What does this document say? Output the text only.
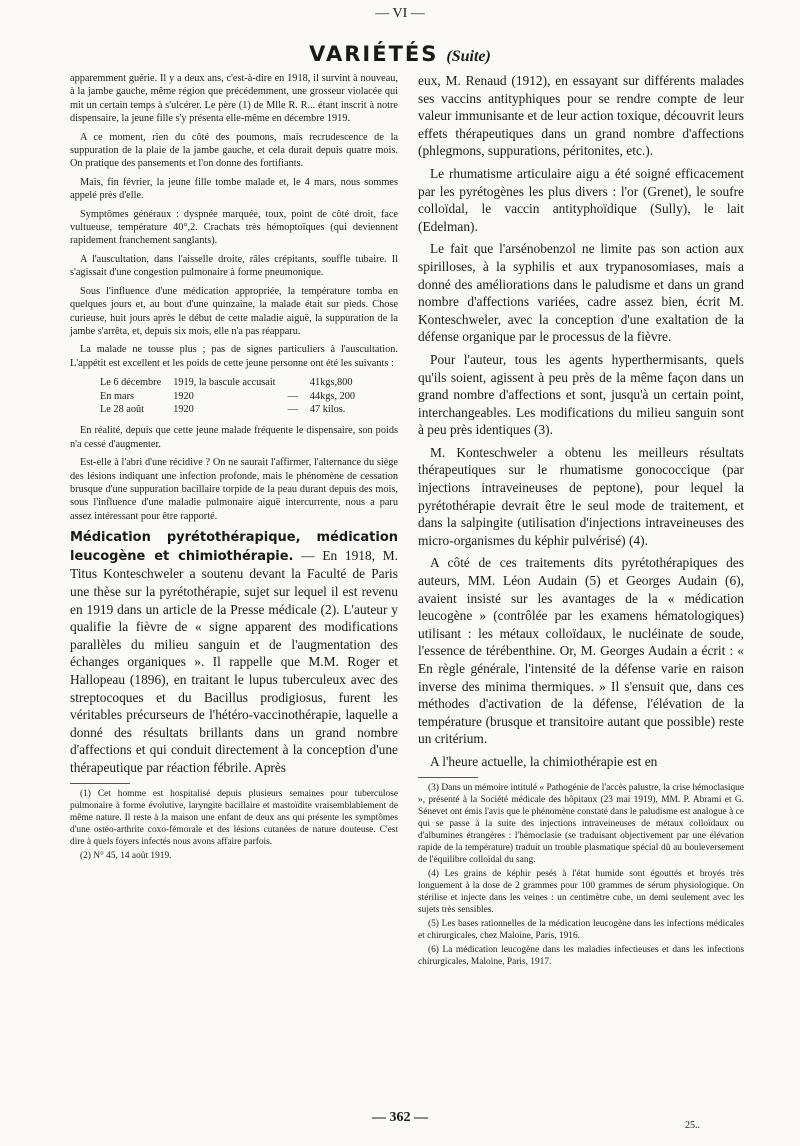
— VI —
VARIÉTÉS (Suite)

apparemment guérie. Il y a deux ans, c'est-à-dire en 1918, il survint à nouveau, à la jambe gauche, même région que précédemment, une grosseur violacée qui mit un certain temps à s'ulcérer. Le père (1) de Mlle R. R... étant inscrit à notre dispensaire, la jeune fille s'y présenta elle-même en décembre 1919.

A ce moment, rien du côté des poumons, mais recrudescence de la suppuration de la plaie de la jambe gauche, et cela durait depuis quatre mois. On pratique des pansements et l'on donne des fortifiants.

Mais, fin février, la jeune fille tombe malade et, le 4 mars, nous sommes appelé près d'elle.

Symptômes généraux : dyspnée marquée, toux, point de côté droit, face vultueuse, température 40°,2. Crachats très hémoptoïques (qui deviennent rapidement franchement sanglants).

A l'auscultation, dans l'aisselle droite, râles crépitants, souffle tubaire. Il s'agissait d'une congestion pulmonaire à forme pneumonique.

Sous l'influence d'une médication appropriée, la température tomba en quelques jours et, au bout d'une quinzaine, la malade était sur pieds. Chose curieuse, huit jours après le début de cette maladie aiguë, la suppuration de la jambe s'arrêta, et, depuis six mois, elle n'a pas réapparu.

La malade ne tousse plus ; pas de signes particuliers à l'auscultation. L'appétit est excellent et les poids de cette jeune personne ont été les suivants :

Le 6 décembre	1919, la bascule accusait		41kgs,800
En mars	1920	—	44kgs, 200
Le 28 août	1920	—	47 kilos.

En réalité, depuis que cette jeune malade fréquente le dispensaire, son poids n'a cessé d'augmenter.

Est-elle à l'abri d'une récidive ? On ne saurait l'affirmer, l'alternance du siège des lésions indiquant une infection profonde, mais le phénomène de cessation brusque d'une suppuration bacillaire torpide de la peau durant depuis des mois, sous l'influence d'une maladie pulmonaire aiguë intercurrente, nous a paru assez intéressant pour être rapporté.

Médication pyrétothérapique, médication leucogène et chimiothérapie. — En 1918, M. Titus Konteschweler a soutenu devant la Faculté de Paris une thèse sur la pyrétothérapie, sujet sur lequel il est revenu en 1919 dans un article de la Presse médicale (2). L'auteur y qualifie la fièvre de « signe apparent des modifications parallèles du milieu sanguin et de l'augmentation des échanges organiques ». Il rappelle que M.M. Roger et Hallopeau (1896), en traitant le lupus tuberculeux avec des streptocoques et du Bacillus prodigiosus, furent les véritables précurseurs de l'hétéro-vaccinothérapie, laquelle a donné des résultats brillants dans un grand nombre d'affections et qui conduit directement à la conception d'une thérapeutique par réaction fébrile. Après

(1) Cet homme est hospitalisé depuis plusieurs semaines pour tuberculose pulmonaire à forme évolutive, laryngite bacillaire et mastoïdite vraisemblablement de même nature. Il reste à la maison une enfant de deux ans qui présente les symptômes d'une ostéo-arthrite coxo-fémorale et des lésions cutanées de nature douteuse. C'est dire à quels foyers infectés nous avons affaire parfois.

(2) N° 45, 14 août 1919.

eux, M. Renaud (1912), en essayant sur différents malades ses vaccins antityphiques pour se rendre compte de leur valeur immunisante et de leur action toxique, découvrit leurs effets thérapeutiques dans un grand nombre d'affections (phlegmons, suppurations, péritonites, etc.).

Le rhumatisme articulaire aigu a été soigné efficacement par les pyrétogènes les plus divers : l'or (Grenet), le soufre colloïdal, le vaccin antityphoïdique (Sully), le lait (Edelman).

Le fait que l'arsénobenzol ne limite pas son action aux spirilloses, à la syphilis et aux trypanosomiases, mais a donné des améliorations dans le paludisme et dans un grand nombre d'affections variées, cadre assez bien, écrit M. Konteschweler, avec la conception d'une exaltation de la défense organique par le processus de la fièvre.

Pour l'auteur, tous les agents hyperthermisants, quels qu'ils soient, agissent à peu près de la même façon dans un grand nombre d'affections et sont, jusqu'à un certain point, interchangeables. Les modifications du milieu sanguin sont à peu près identiques (3).

M. Konteschweler a obtenu les meilleurs résultats thérapeutiques sur le rhumatisme gonococcique (par injections intraveineuses de peptone), pour lequel la pyrétothérapie devrait être le seul mode de traitement, et dans la salpingite (utilisation d'injections intraveineuses des micro-organismes du képhir pulvérisé) (4).

A côté de ces traitements dits pyrétothérapiques des auteurs, MM. Léon Audain (5) et Georges Audain (6), avaient insisté sur les avantages de la « médication leucogène » (contrôlée par les examens hématologiques) utilisant : les métaux colloïdaux, le nucléinate de soude, l'essence de térébenthine. Or, M. Georges Audain a écrit : « En règle générale, l'intensité de la défense varie en raison inverse des minima thermiques. » Il s'ensuit que, dans ces méthodes d'activation de la défense, l'élévation de la température (brusque et transitoire autant que possible) reste un critérium.

A l'heure actuelle, la chimiothérapie est en

(3) Dans un mémoire intitulé « Pathogénie de l'accès palustre, la crise hémoclasique », présenté à la Société médicale des hôpitaux (23 mai 1919), MM. P. Abrami et G. Sénevet ont émis l'avis que le phénomène constaté dans le paludisme est analogue à ce qui se passe à la suite des injections intraveineuses de métaux colloïdaux ou d'albumines étrangères : l'hémoclasie (se traduisant objectivement par une élévation rapide de la température) traduit un trouble plasmatique spécial dû au bouleversement de l'équilibre colloïdal du sang.

(4) Les grains de képhir pesés à l'état humide sont égouttés et broyés très longuement à la dose de 2 grammes pour 100 grammes de sérum physiologique. On stérilise et injecte dans les veines : un centimètre cube, un demi seulement avec les sujets très sensibles.

(5) Les bases rationnelles de la médication leucogène dans les infections médicales et chirurgicales, chez Maloine, Paris, 1916.

(6) La médication leucogène dans les maladies infectieuses et dans les infections chirurgicales, Maloine, Paris, 1917.

— 362 —
25..
